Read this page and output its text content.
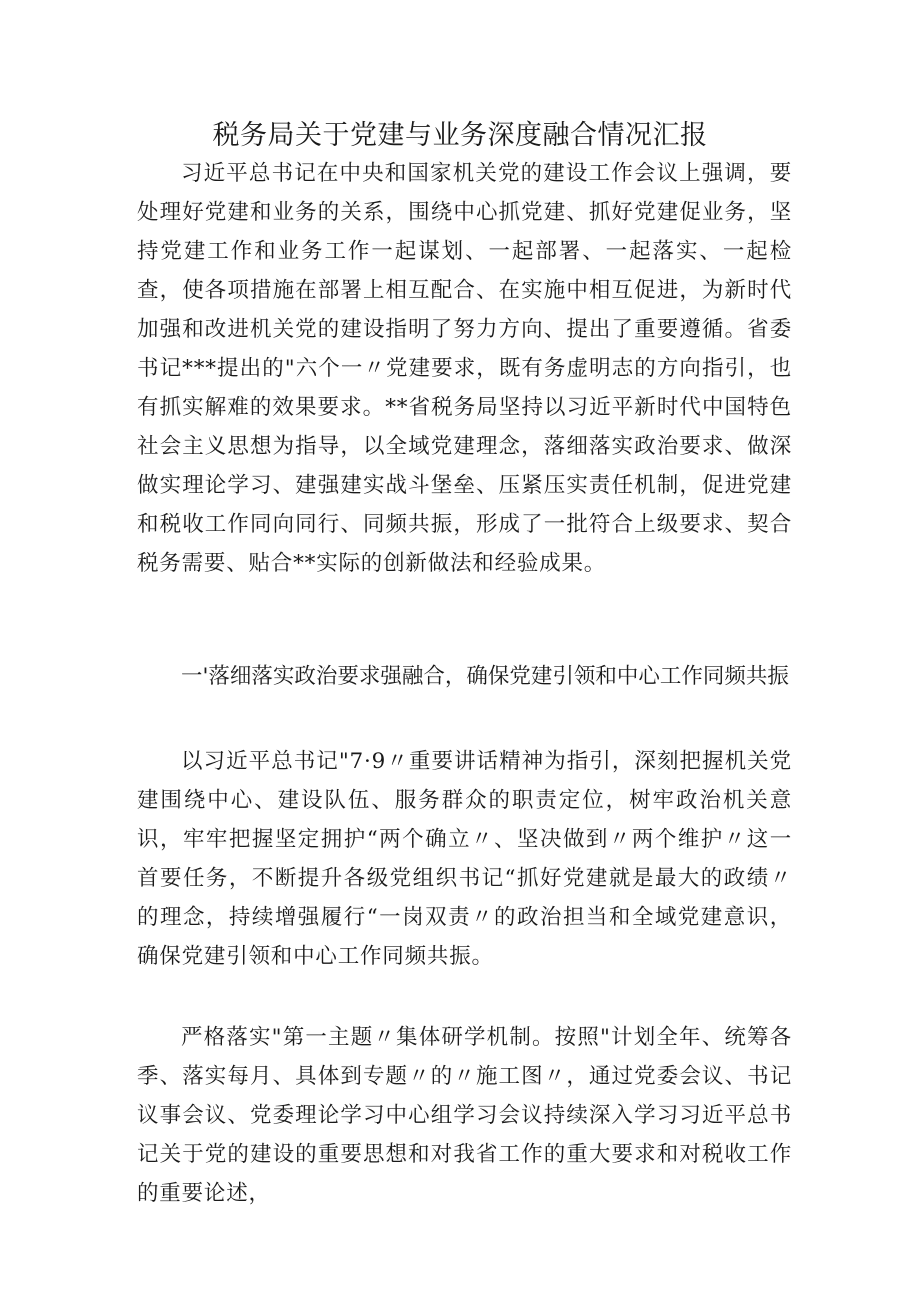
税务局关于党建与业务深度融合情况汇报

习近平总书记在中央和国家机关党的建设工作会议上强调，要处理好党建和业务的关系，围绕中心抓党建、抓好党建促业务，坚持党建工作和业务工作一起谋划、一起部署、一起落实、一起检查，使各项措施在部署上相互配合、在实施中相互促进，为新时代加强和改进机关党的建设指明了努力方向、提出了重要遵循。省委书记***提出的"六个一〃党建要求，既有务虚明志的方向指引，也有抓实解难的效果要求。**省税务局坚持以习近平新时代中国特色社会主义思想为指导，以全域党建理念，落细落实政治要求、做深做实理论学习、建强建实战斗堡垒、压紧压实责任机制，促进党建和税收工作同向同行、同频共振，形成了一批符合上级要求、契合税务需要、贴合**实际的创新做法和经验成果。

一'落细落实政治要求强融合，确保党建引领和中心工作同频共振

以习近平总书记"7·9〃重要讲话精神为指引，深刻把握机关党建围绕中心、建设队伍、服务群众的职责定位，树牢政治机关意识，牢牢把握坚定拥护“两个确立〃、坚决做到〃两个维护〃这一首要任务，不断提升各级党组织书记“抓好党建就是最大的政绩〃的理念，持续增强履行“一岗双责〃的政治担当和全域党建意识，确保党建引领和中心工作同频共振。

严格落实"第一主题〃集体研学机制。按照"计划全年、统筹各季、落实每月、具体到专题〃的〃施工图〃，通过党委会议、书记议事会议、党委理论学习中心组学习会议持续深入学习习近平总书记关于党的建设的重要思想和对我省工作的重大要求和对税收工作的重要论述，
